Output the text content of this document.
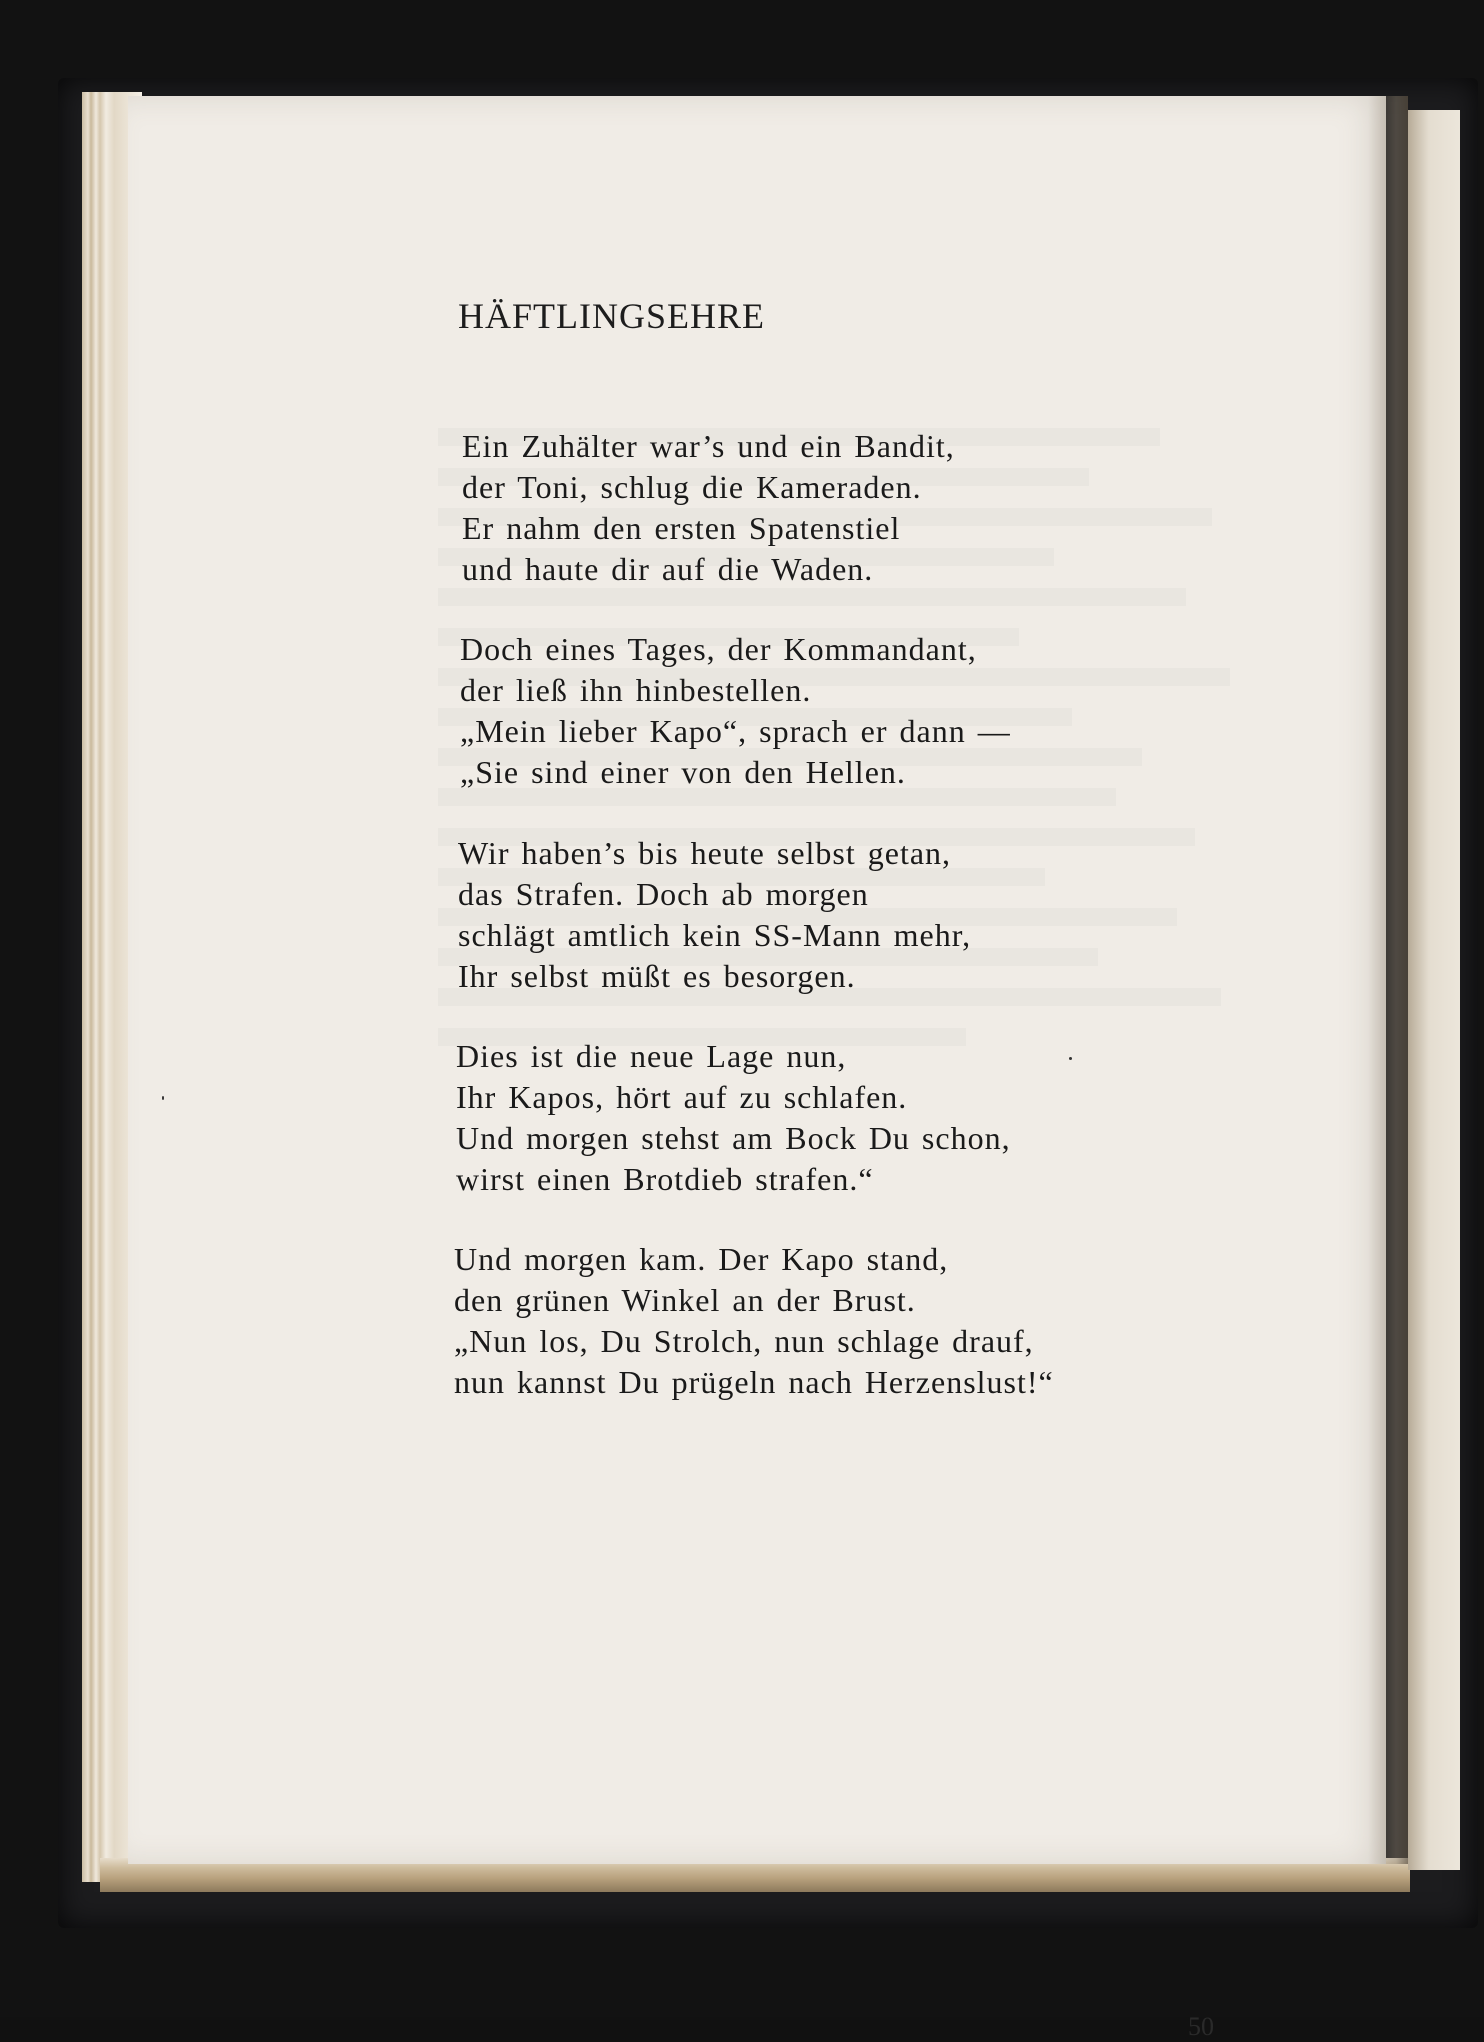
HÄFTLINGSEHRE
Ein Zuhälter war’s und ein Bandit,
der Toni, schlug die Kameraden.
Er nahm den ersten Spatenstiel
und haute dir auf die Waden.
Doch eines Tages, der Kommandant,
der ließ ihn hinbestellen.
„Mein lieber Kapo“, sprach er dann —
„Sie sind einer von den Hellen.
Wir haben’s bis heute selbst getan,
das Strafen. Doch ab morgen
schlägt amtlich kein SS-Mann mehr,
Ihr selbst müßt es besorgen.
Dies ist die neue Lage nun,
Ihr Kapos, hört auf zu schlafen.
Und morgen stehst am Bock Du schon,
wirst einen Brotdieb strafen.“
Und morgen kam. Der Kapo stand,
den grünen Winkel an der Brust.
„Nun los, Du Strolch, nun schlage drauf,
nun kannst Du prügeln nach Herzenslust!“
50
